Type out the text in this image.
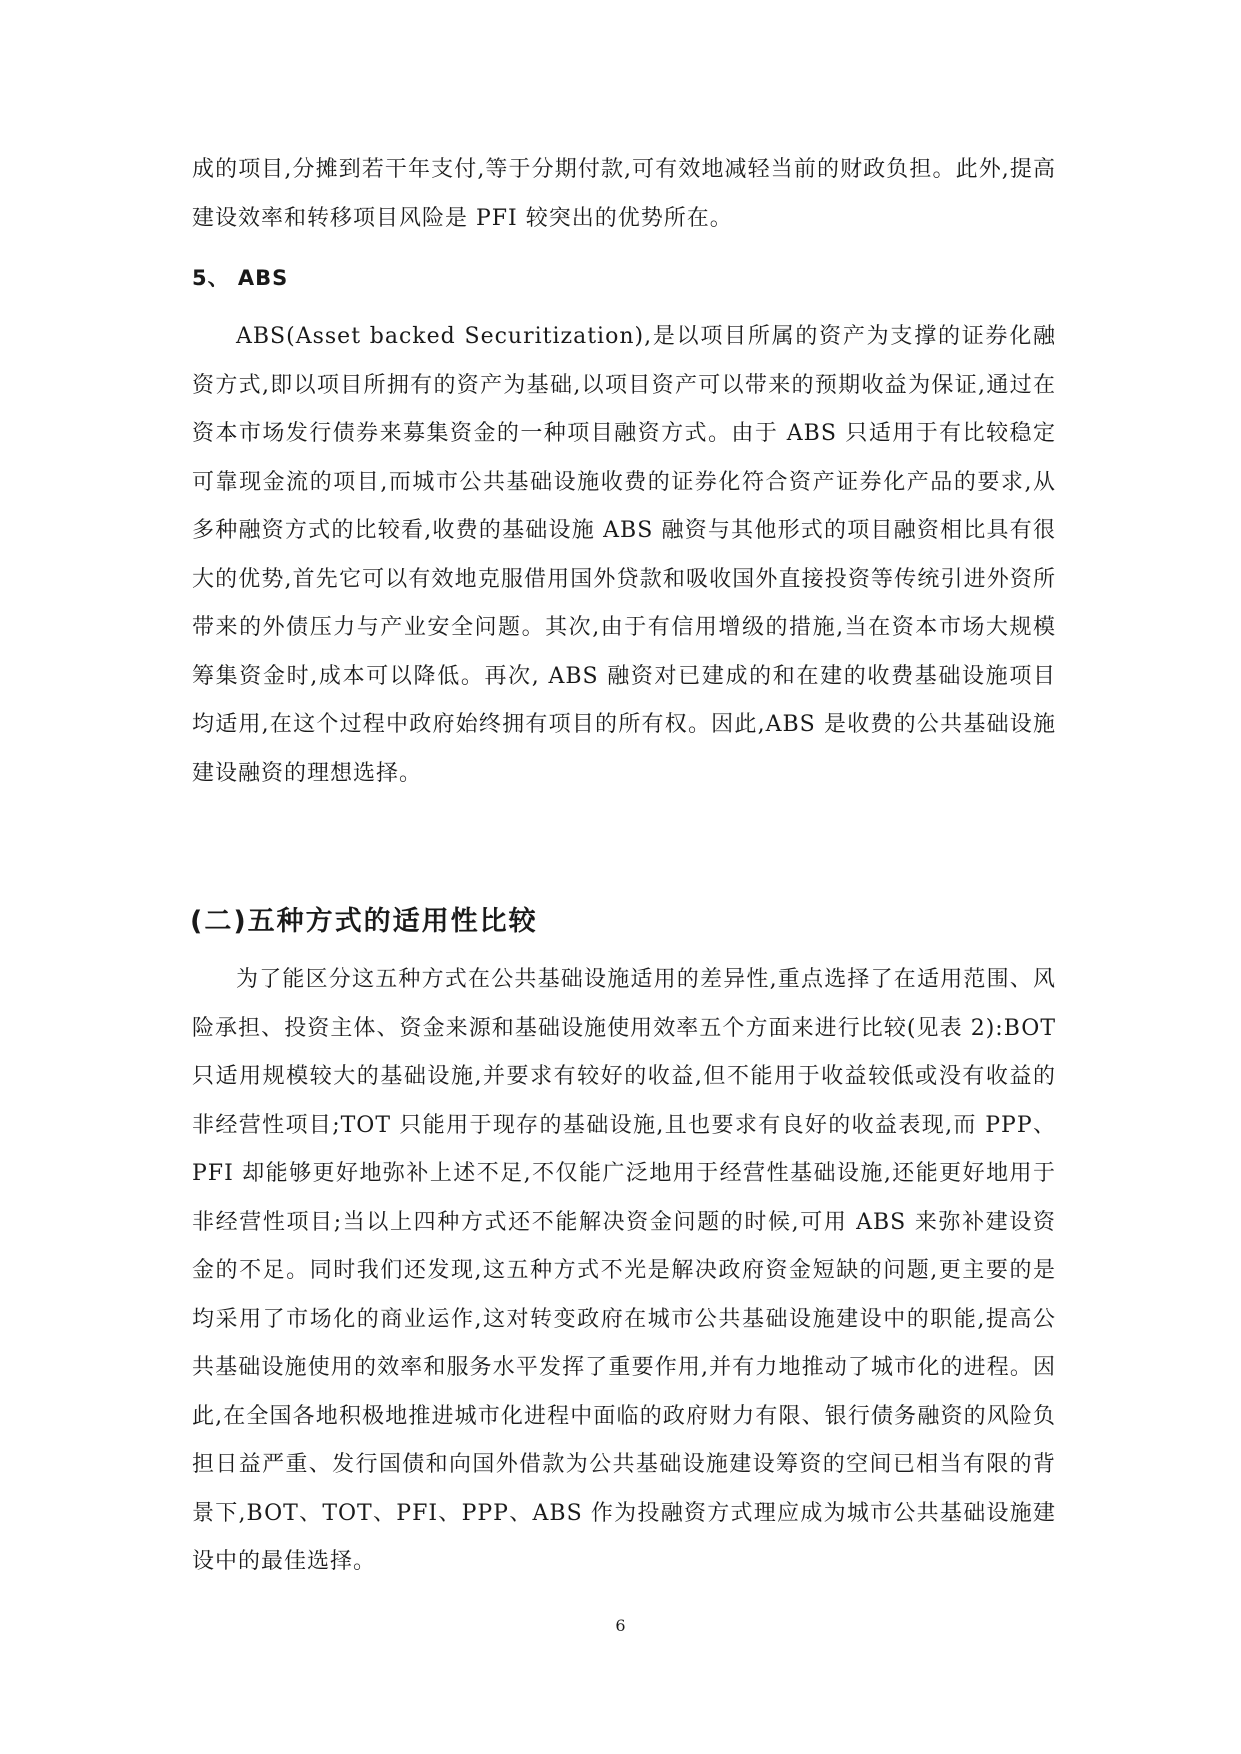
成的项目,分摊到若干年支付,等于分期付款,可有效地减轻当前的财政负担。此外,提高建设效率和转移项目风险是 PFI 较突出的优势所在。

5、 ABS

ABS(Asset backed Securitization),是以项目所属的资产为支撑的证券化融资方式,即以项目所拥有的资产为基础,以项目资产可以带来的预期收益为保证,通过在资本市场发行债券来募集资金的一种项目融资方式。由于 ABS 只适用于有比较稳定可靠现金流的项目,而城市公共基础设施收费的证券化符合资产证券化产品的要求,从多种融资方式的比较看,收费的基础设施 ABS 融资与其他形式的项目融资相比具有很大的优势,首先它可以有效地克服借用国外贷款和吸收国外直接投资等传统引进外资所带来的外债压力与产业安全问题。其次,由于有信用增级的措施,当在资本市场大规模筹集资金时,成本可以降低。再次, ABS 融资对已建成的和在建的收费基础设施项目均适用,在这个过程中政府始终拥有项目的所有权。因此,ABS 是收费的公共基础设施建设融资的理想选择。

(二)五种方式的适用性比较

为了能区分这五种方式在公共基础设施适用的差异性,重点选择了在适用范围、风险承担、投资主体、资金来源和基础设施使用效率五个方面来进行比较(见表 2):BOT 只适用规模较大的基础设施,并要求有较好的收益,但不能用于收益较低或没有收益的非经营性项目;TOT 只能用于现存的基础设施,且也要求有良好的收益表现,而 PPP、PFI 却能够更好地弥补上述不足,不仅能广泛地用于经营性基础设施,还能更好地用于非经营性项目;当以上四种方式还不能解决资金问题的时候,可用 ABS 来弥补建设资金的不足。同时我们还发现,这五种方式不光是解决政府资金短缺的问题,更主要的是均采用了市场化的商业运作,这对转变政府在城市公共基础设施建设中的职能,提高公共基础设施使用的效率和服务水平发挥了重要作用,并有力地推动了城市化的进程。因此,在全国各地积极地推进城市化进程中面临的政府财力有限、银行债务融资的风险负担日益严重、发行国债和向国外借款为公共基础设施建设筹资的空间已相当有限的背景下,BOT、TOT、PFI、PPP、ABS 作为投融资方式理应成为城市公共基础设施建设中的最佳选择。

6
